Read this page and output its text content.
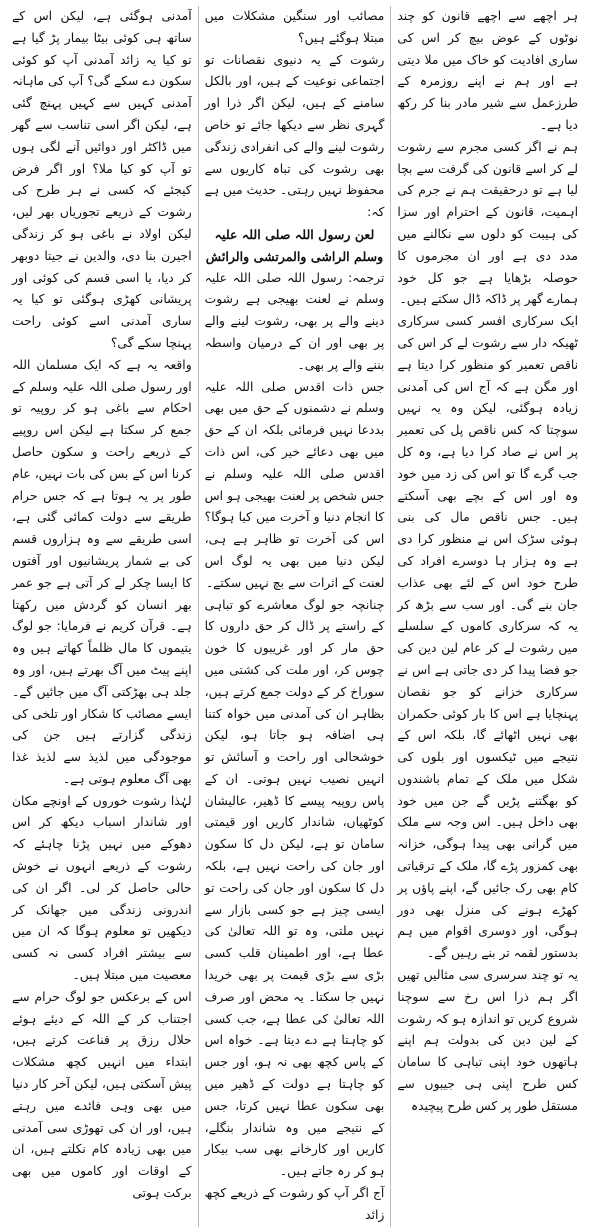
ہر اچھے سے اچھے قانون کو چند نوٹوں کے عوض بیچ کر اس کی ساری افادیت کو خاک میں ملا دیتی ہے اور ہم نے اپنے روزمرہ کے طرزعمل سے شیر مادر بنا کر رکھ دیا ہے۔

ہم نے اگر کسی مجرم سے رشوت لے کر اسے قانون کی گرفت سے بچا لیا ہے تو درحقیقت ہم نے جرم کی اہمیت، قانون کے احترام اور سزا کی ہیبت کو دلوں سے نکالنے میں مدد دی ہے اور ان مجرموں کا حوصلہ بڑھایا ہے جو کل خود ہمارے گھر پر ڈاکہ ڈال سکتے ہیں۔

ایک سرکاری افسر کسی سرکاری ٹھیکہ دار سے رشوت لے کر اس کی ناقص تعمیر کو منظور کرا دیتا ہے اور مگن ہے کہ آج اس کی آمدنی زیادہ ہوگئی، لیکن وہ یہ نہیں سوچتا کہ کس ناقص پل کی تعمیر پر اس نے صاد کرا دیا ہے، وہ کل جب گرے گا تو اس کی زد میں خود وہ اور اس کے بچے بھی آسکتے ہیں۔ جس ناقص مال کی بنی ہوئی سڑک اس نے منظور کرا دی ہے وہ ہزار ہا دوسرے افراد کی طرح خود اس کے لئے بھی عذاب جان بنے گی۔ اور سب سے بڑھ کر یہ کہ سرکاری کاموں کے سلسلے میں رشوت لے کر عام لین دین کی جو فضا پیدا کر دی جاتی ہے اس نے سرکاری خزانے کو جو نقصان پہنچایا ہے اس کا بار کوئی حکمران بھی نہیں اٹھائے گا، بلکہ اس کے نتیجے میں ٹیکسوں اور بلوں کی شکل میں ملک کے تمام باشندوں کو بھگتنے پڑیں گے جن میں خود بھی داخل ہیں۔ اس وجہ سے ملک میں گرانی بھی پیدا ہوگی، خزانہ بھی کمزور پڑے گا، ملک کے ترقیاتی کام بھی رک جائیں گے، اپنے پاؤں پر کھڑے ہونے کی منزل بھی دور ہوگی، اور دوسری اقوام میں ہم بدستور لقمہ تر بنے رہیں گے۔

یہ تو چند سرسری سی مثالیں تھیں اگر ہم ذرا اس رخ سے سوچنا شروع کریں تو اندازہ ہو کہ رشوت کے لین دین کی بدولت ہم اپنے ہاتھوں خود اپنی تباہی کا سامان کس طرح اپنی ہی جیبوں سے مستقل طور پر کس طرح پیچیدہ

مصائب اور سنگین مشکلات میں مبتلا ہوگئے ہیں؟

رشوت کے یہ دنیوی نقصانات تو اجتماعی نوعیت کے ہیں، اور بالکل سامنے کے ہیں، لیکن اگر ذرا اور گہری نظر سے دیکھا جائے تو خاص رشوت لینے والے کی انفرادی زندگی بھی رشوت کی تباہ کاریوں سے محفوظ نہیں رہتی۔ حدیث میں ہے کہ:

لعن رسول اللہ صلی اللہ علیہ وسلم الراشی والمرتشی والرائش

ترجمہ: رسول اللہ صلی اللہ علیہ وسلم نے لعنت بھیجی ہے رشوت دینے والے پر بھی، رشوت لینے والے پر بھی اور ان کے درمیان واسطہ بننے والے پر بھی۔

جس ذات اقدس صلی اللہ علیہ وسلم نے دشمنوں کے حق میں بھی بددعا نہیں فرمائی بلکہ ان کے حق میں بھی دعائے خیر کی، اس ذات اقدس صلی اللہ علیہ وسلم نے جس شخص پر لعنت بھیجی ہو اس کا انجام دنیا و آخرت میں کیا ہوگا؟ اس کی آخرت تو ظاہر ہے ہی، لیکن دنیا میں بھی یہ لوگ اس لعنت کے اثرات سے بچ نہیں سکتے۔

چنانچہ جو لوگ معاشرے کو تباہی کے راستے پر ڈال کر حق داروں کا حق مار کر اور غریبوں کا خون چوس کر، اور ملت کی کشتی میں سوراخ کر کے دولت جمع کرتے ہیں، بظاہر ان کی آمدنی میں خواہ کتنا ہی اضافہ ہو جاتا ہو، لیکن خوشحالی اور راحت و آسائش تو انہیں نصیب نہیں ہوتی۔ ان کے پاس روپیہ پیسے کا ڈھیر، عالیشان کوٹھیاں، شاندار کاریں اور قیمتی سامان تو ہے، لیکن دل کا سکون اور جان کی راحت نہیں ہے، بلکہ دل کا سکون اور جان کی راحت تو ایسی چیز ہے جو کسی بازار سے نہیں ملتی، وہ تو اللہ تعالیٰ کی عطا ہے، اور اطمینان قلب کسی بڑی سے بڑی قیمت پر بھی خریدا نہیں جا سکتا۔ یہ محض اور صرف اللہ تعالیٰ کی عطا ہے، جب کسی کو چاہتا ہے دے دیتا ہے۔ خواہ اس کے پاس کچھ بھی نہ ہو، اور جس کو چاہتا ہے دولت کے ڈھیر میں بھی سکون عطا نہیں کرتا، جس کے نتیجے میں وہ شاندار بنگلے، کاریں اور کارخانے بھی سب بیکار ہو کر رہ جاتے ہیں۔

آج اگر آپ کو رشوت کے ذریعے کچھ زائد

آمدنی ہوگئی ہے، لیکن اس کے ساتھ ہی کوئی بیٹا بیمار پڑ گیا ہے تو کیا یہ زائد آمدنی آپ کو کوئی سکون دے سکے گی؟ آپ کی ماہانہ آمدنی کہیں سے کہیں پہنچ گئی ہے، لیکن اگر اسی تناسب سے گھر میں ڈاکٹر اور دوائیں آنے لگی ہوں تو آپ کو کیا ملا؟ اور اگر فرض کیجئے کہ کسی نے ہر طرح کی رشوت کے ذریعے تجوریاں بھر لیں، لیکن اولاد نے باغی ہو کر زندگی اجیرن بنا دی، والدین نے جیتا دوبھر کر دیا، یا اسی قسم کی کوئی اور پریشانی کھڑی ہوگئی تو کیا یہ ساری آمدنی اسے کوئی راحت پہنچا سکے گی؟

واقعہ یہ ہے کہ ایک مسلمان اللہ اور رسول صلی اللہ علیہ وسلم کے احکام سے باغی ہو کر روپیہ تو جمع کر سکتا ہے لیکن اس روپیے کے ذریعے راحت و سکون حاصل کرنا اس کے بس کی بات نہیں، عام طور پر یہ ہوتا ہے کہ جس حرام طریقے سے دولت کمائی گئی ہے، اسی طریقے سے وہ ہزاروں قسم کی بے شمار پریشانیوں اور آفتوں کا ایسا چکر لے کر آتی ہے جو عمر بھر انسان کو گردش میں رکھتا ہے۔ قرآن کریم نے فرمایا: جو لوگ یتیموں کا مال ظلماً کھاتے ہیں وہ اپنے پیٹ میں آگ بھرتے ہیں، اور وہ جلد ہی بھڑکتی آگ میں جائیں گے۔ ایسے مصائب کا شکار اور تلخی کی زندگی گزارتے ہیں جن کی موجودگی میں لذیذ سے لذیذ غذا بھی آگ معلوم ہوتی ہے۔

لہٰذا رشوت خوروں کے اونچے مکان اور شاندار اسباب دیکھ کر اس دھوکے میں نہیں پڑنا چاہئے کہ رشوت کے ذریعے انہوں نے خوش حالی حاصل کر لی۔ اگر ان کی اندرونی زندگی میں جھانک کر دیکھیں تو معلوم ہوگا کہ ان میں سے بیشتر افراد کسی نہ کسی معصیت میں مبتلا ہیں۔

اس کے برعکس جو لوگ حرام سے اجتناب کر کے اللہ کے دیئے ہوئے حلال رزق پر قناعت کرتے ہیں، ابتداء میں انہیں کچھ مشکلات پیش آسکتی ہیں، لیکن آخر کار دنیا میں بھی وہی فائدے میں رہتے ہیں، اور ان کی تھوڑی سی آمدنی میں بھی زیادہ کام نکلتے ہیں، ان کے اوقات اور کاموں میں بھی برکت ہوتی
